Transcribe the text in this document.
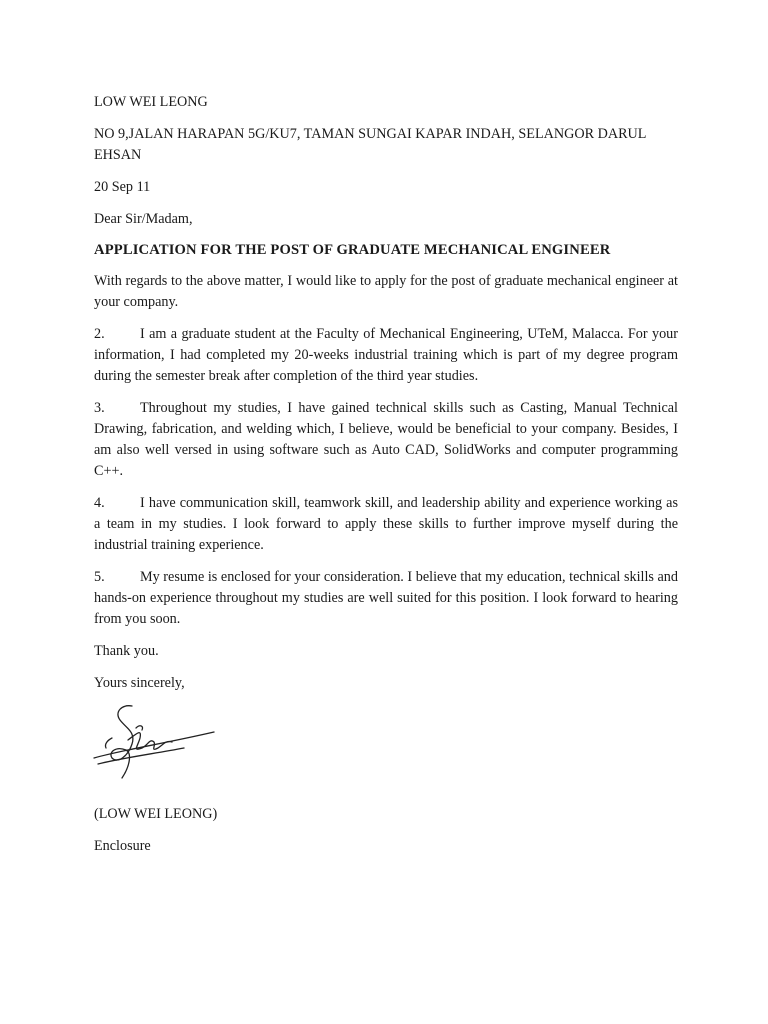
LOW WEI LEONG

NO 9,JALAN HARAPAN 5G/KU7, TAMAN SUNGAI KAPAR INDAH, SELANGOR DARUL EHSAN

20 Sep 11

Dear Sir/Madam,

APPLICATION FOR THE POST OF GRADUATE MECHANICAL ENGINEER

With regards to the above matter, I would like to apply for the post of graduate mechanical engineer at your company.

2. I am a graduate student at the Faculty of Mechanical Engineering, UTeM, Malacca. For your information, I had completed my 20-weeks industrial training which is part of my degree program during the semester break after completion of the third year studies.

3. Throughout my studies, I have gained technical skills such as Casting, Manual Technical Drawing, fabrication, and welding which, I believe, would be beneficial to your company. Besides, I am also well versed in using software such as Auto CAD, SolidWorks and computer programming C++.

4. I have communication skill, teamwork skill, and leadership ability and experience working as a team in my studies. I look forward to apply these skills to further improve myself during the industrial training experience.

5. My resume is enclosed for your consideration. I believe that my education, technical skills and hands-on experience throughout my studies are well suited for this position. I look forward to hearing from you soon.

Thank you.

Yours sincerely,

(LOW WEI LEONG)

Enclosure
